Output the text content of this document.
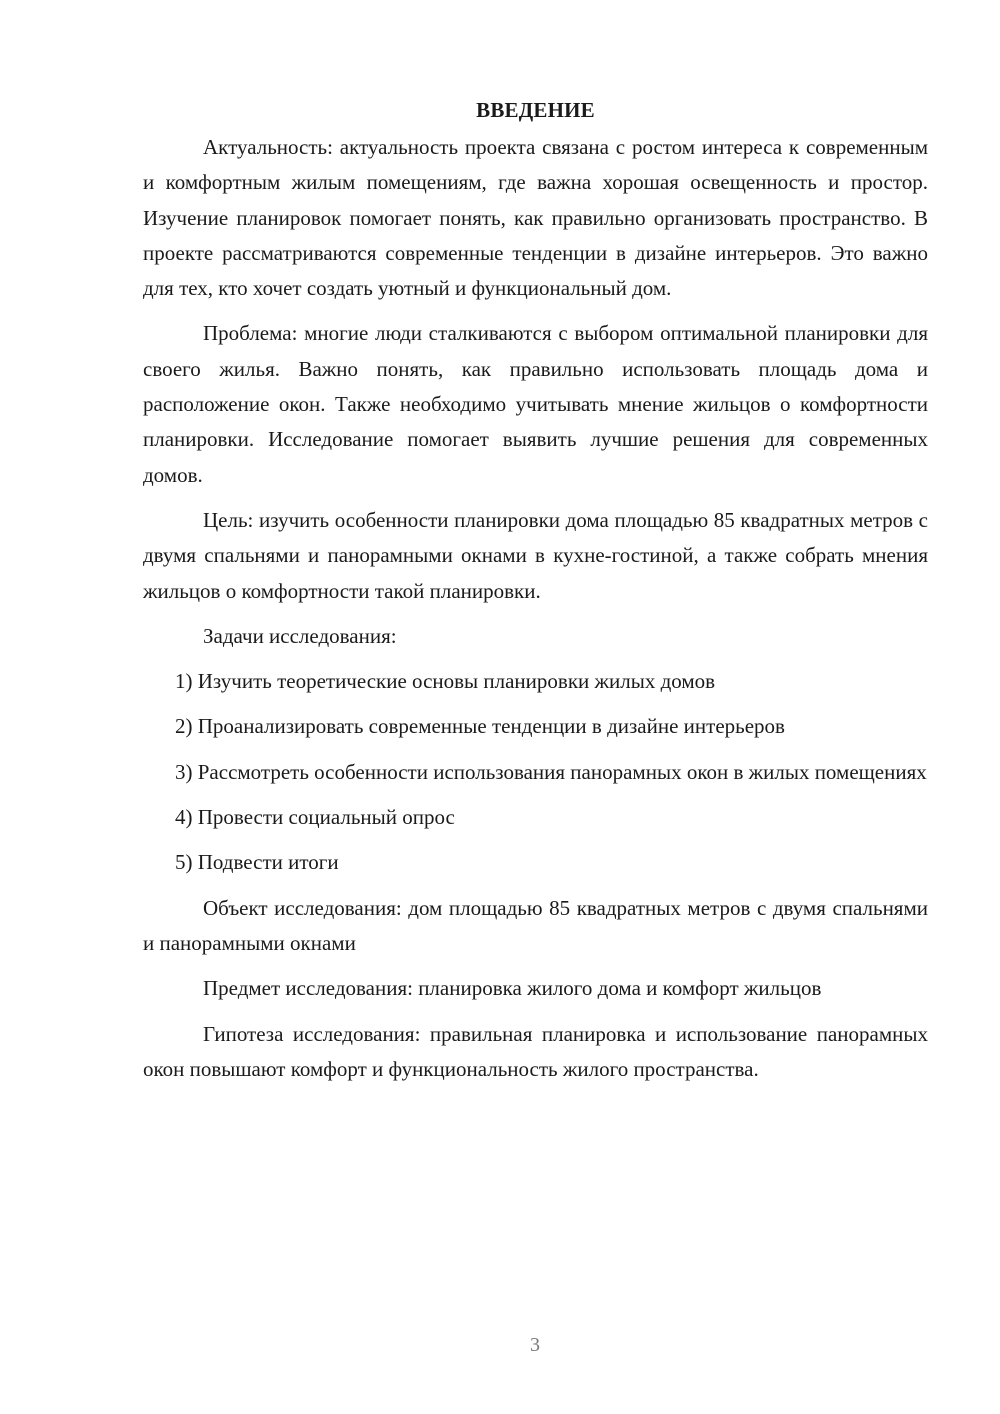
ВВЕДЕНИЕ

Актуальность: актуальность проекта связана с ростом интереса к современным и комфортным жилым помещениям, где важна хорошая освещенность и простор. Изучение планировок помогает понять, как правильно организовать пространство. В проекте рассматриваются современные тенденции в дизайне интерьеров. Это важно для тех, кто хочет создать уютный и функциональный дом.

Проблема: многие люди сталкиваются с выбором оптимальной планировки для своего жилья. Важно понять, как правильно использовать площадь дома и расположение окон. Также необходимо учитывать мнение жильцов о комфортности планировки. Исследование помогает выявить лучшие решения для современных домов.

Цель: изучить особенности планировки дома площадью 85 квадратных метров с двумя спальнями и панорамными окнами в кухне-гостиной, а также собрать мнения жильцов о комфортности такой планировки.

Задачи исследования:

1) Изучить теоретические основы планировки жилых домов
2) Проанализировать современные тенденции в дизайне интерьеров
3) Рассмотреть особенности использования панорамных окон в жилых помещениях
4) Провести социальный опрос
5) Подвести итоги

Объект исследования: дом площадью 85 квадратных метров с двумя спальнями и панорамными окнами

Предмет исследования: планировка жилого дома и комфорт жильцов

Гипотеза исследования: правильная планировка и использование панорамных окон повышают комфорт и функциональность жилого пространства.

3
